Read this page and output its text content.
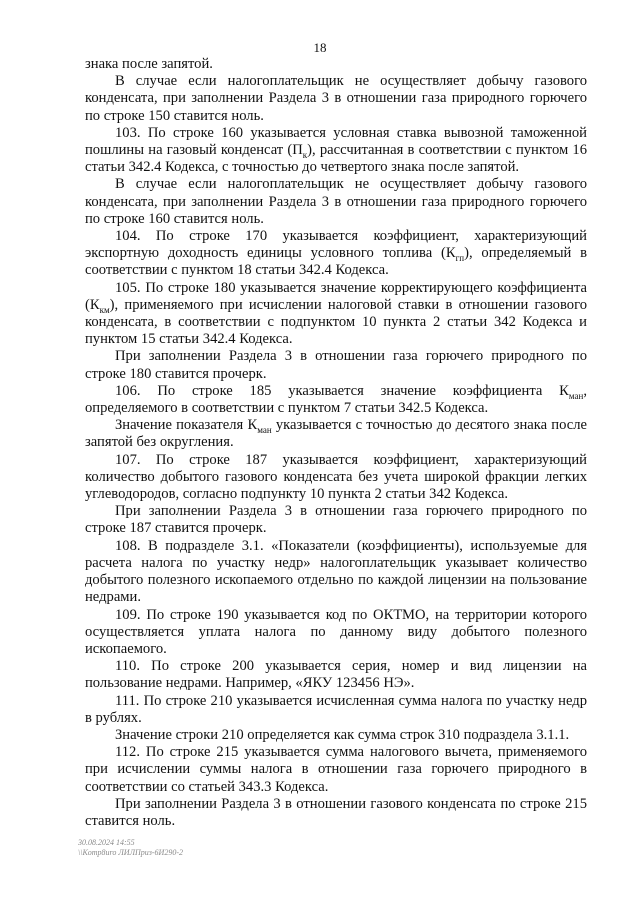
18

знака после запятой.

В случае если налогоплательщик не осуществляет добычу газового конденсата, при заполнении Раздела 3 в отношении газа природного горючего по строке 150 ставится ноль.

103. По строке 160 указывается условная ставка вывозной таможенной пошлины на газовый конденсат $(П_к)$, рассчитанная в соответствии с пунктом 16 статьи 342.4 Кодекса, с точностью до четвертого знака после запятой.

В случае если налогоплательщик не осуществляет добычу газового конденсата, при заполнении Раздела 3 в отношении газа природного горючего по строке 160 ставится ноль.

104. По строке 170 указывается коэффициент, характеризующий экспортную доходность единицы условного топлива $(К_{гп})$, определяемый в соответствии с пунктом 18 статьи 342.4 Кодекса.

105. По строке 180 указывается значение корректирующего коэффициента $(К_{км})$, применяемого при исчислении налоговой ставки в отношении газового конденсата, в соответствии с подпунктом 10 пункта 2 статьи 342 Кодекса и пунктом 15 статьи 342.4 Кодекса.

При заполнении Раздела 3 в отношении газа горючего природного по строке 180 ставится прочерк.

106. По строке 185 указывается значение коэффициента $К_{ман}$, определяемого в соответствии с пунктом 7 статьи 342.5 Кодекса.

Значение показателя $К_{ман}$ указывается с точностью до десятого знака после запятой без округления.

107. По строке 187 указывается коэффициент, характеризующий количество добытого газового конденсата без учета широкой фракции легких углеводородов, согласно подпункту 10 пункта 2 статьи 342 Кодекса.

При заполнении Раздела 3 в отношении газа горючего природного по строке 187 ставится прочерк.

108. В подразделе 3.1. «Показатели (коэффициенты), используемые для расчета налога по участку недр» налогоплательщик указывает количество добытого полезного ископаемого отдельно по каждой лицензии на пользование недрами.

109. По строке 190 указывается код по ОКТМО, на территории которого осуществляется уплата налога по данному виду добытого полезного ископаемого.

110. По строке 200 указывается серия, номер и вид лицензии на пользование недрами. Например, «ЯКУ 123456 НЭ».

111. По строке 210 указывается исчисленная сумма налога по участку недр в рублях.

Значение строки 210 определяется как сумма строк 310 подраздела 3.1.1.

112. По строке 215 указывается сумма налогового вычета, применяемого при исчислении суммы налога в отношении газа горючего природного в соответствии со статьей 343.3 Кодекса.

При заполнении Раздела 3 в отношении газового конденсата по строке 215 ставится ноль.

30.08.2024 14:55
\\Komp8uro ЛИЛПриз-6И290-2
